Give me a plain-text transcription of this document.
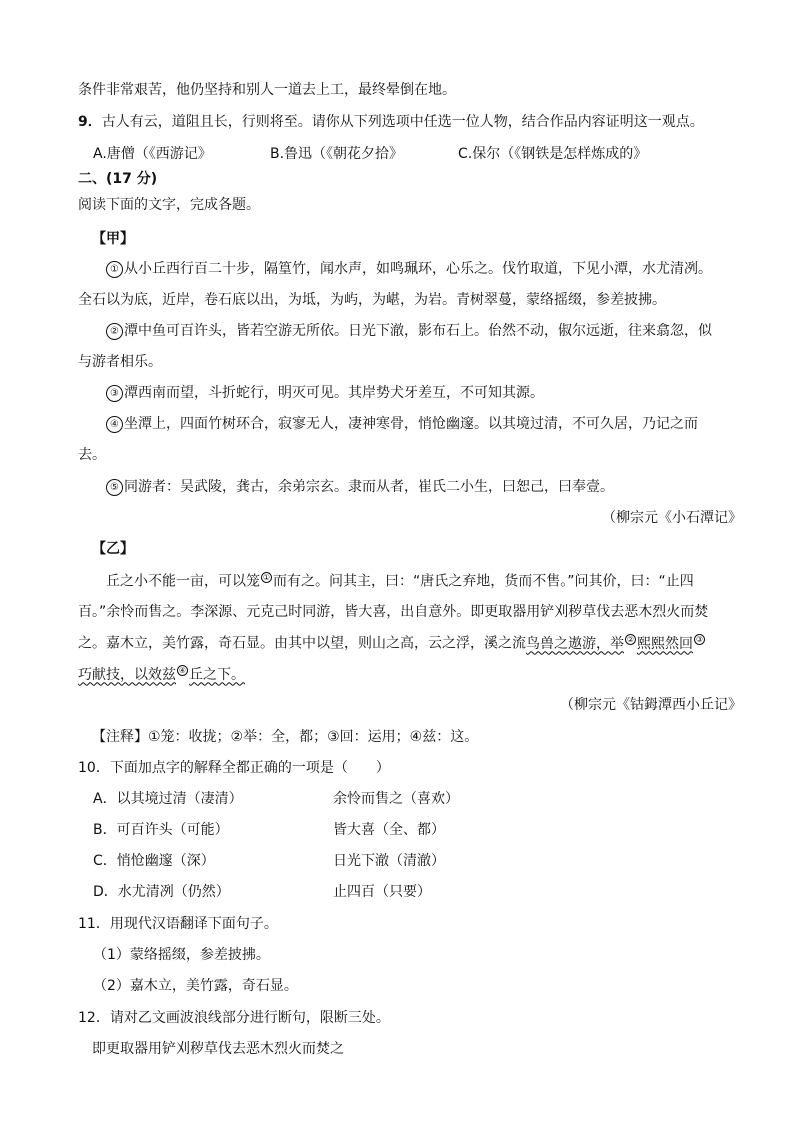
条件非常艰苦，他仍坚持和别人一道去上工，最终晕倒在地。
9．古人有云，道阻且长，行则将至。请你从下列选项中任选一位人物，结合作品内容证明这一观点。
A.唐僧（《西游记》	B.鲁迅（《朝花夕拾》	C.保尔（《钢铁是怎样炼成的》
二、(17 分)
阅读下面的文字，完成各题。
【甲】
① 从小丘西行百二十步，隔篁竹，闻水声，如鸣珮环，心乐之。伐竹取道，下见小潭，水尤清冽。
全石以为底，近岸，卷石底以出，为坻，为屿，为嵁，为岩。青树翠蔓，蒙络摇缀，参差披拂。
② 潭中鱼可百许头，皆若空游无所依。日光下澈，影布石上。佁然不动，俶尔远逝，往来翕忽，似
与游者相乐。
③ 潭西南而望，斗折蛇行，明灭可见。其岸势犬牙差互，不可知其源。
④ 坐潭上，四面竹树环合，寂寥无人，凄神寒骨，悄怆幽邃。以其境过清，不可久居，乃记之而
去。
⑤ 同游者：吴武陵，龚古，余弟宗玄。隶而从者，崔氏二小生，曰恕己，曰奉壹。
（柳宗元《小石潭记》
【乙】
丘之小不能一亩，可以笼 ① 而有之。问其主，曰：“唐氏之弃地，货而不售。”问其价，曰：“止四
百。”余怜而售之。李深源、元克己时同游，皆大喜，出自意外。即更取器用铲刈秽草伐去恶木烈火而焚
之。嘉木立，美竹露，奇石显。由其中以望，则山之高，云之浮，溪之流鸟兽之遨游，举 ② 熙熙然回 ③
巧献技，以效兹 ④ 丘之下。
（柳宗元《钴鉧潭西小丘记》
【注释】①笼：收拢；②举：全，都；③回：运用；④兹：这。
10．下面加点字的解释全都正确的一项是（　　）
A．以其境过清（凄清）	余怜而售之（喜欢）
B．可百许头（可能）	皆大喜（全、都）
C．悄怆幽邃（深）	日光下澈（清澈）
D．水尤清冽（仍然）	止四百（只要）
11．用现代汉语翻译下面句子。
（1）蒙络摇缀，参差披拂。
（2）嘉木立，美竹露，奇石显。
12．请对乙文画波浪线部分进行断句，限断三处。
即更取器用铲刈秽草伐去恶木烈火而焚之
